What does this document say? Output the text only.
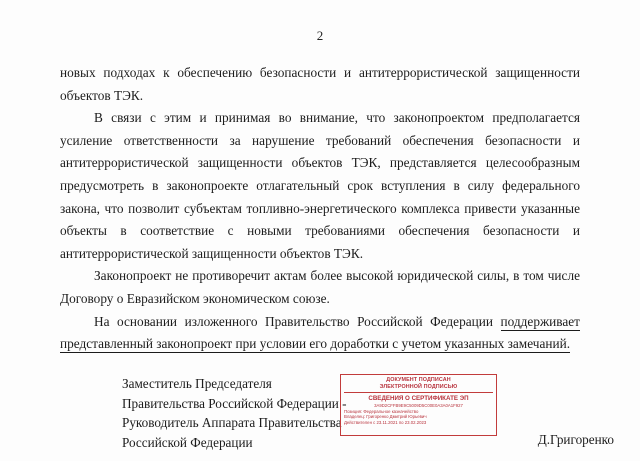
2

новых подходах к обеспечению безопасности и антитеррористической защищенности объектов ТЭК.

В связи с этим и принимая во внимание, что законопроектом предполагается усиление ответственности за нарушение требований обеспечения безопасности и антитеррористической защищенности объектов ТЭК, представляется целесообразным предусмотреть в законопроекте отлагательный срок вступления в силу федерального закона, что позволит субъектам топливно-энергетического комплекса привести указанные объекты в соответствие с новыми требованиями обеспечения безопасности и антитеррористической защищенности объектов ТЭК.

Законопроект не противоречит актам более высокой юридической силы, в том числе Договору о Евразийском экономическом союзе.

На основании изложенного Правительство Российской Федерации поддерживает представленный законопроект при условии его доработки с учетом указанных замечаний.

Заместитель Председателя
Правительства Российской Федерации -
Руководитель Аппарата Правительства
Российской Федерации	Д.Григоренко
ДОКУМЕНТ ПОДПИСАН
ЭЛЕКТРОННОЙ ПОДПИСЬЮ
СВЕДЕНИЯ О СЕРТИФИКАТЕ ЭП
3A9D2CFFB9E9C5009D5C00E0A3A0A1F927
Позиция: Федеральное казначейство
Владелец: Григоренко Дмитрий Юрьевич
Действителен с 23.11.2021 по 23.02.2023
